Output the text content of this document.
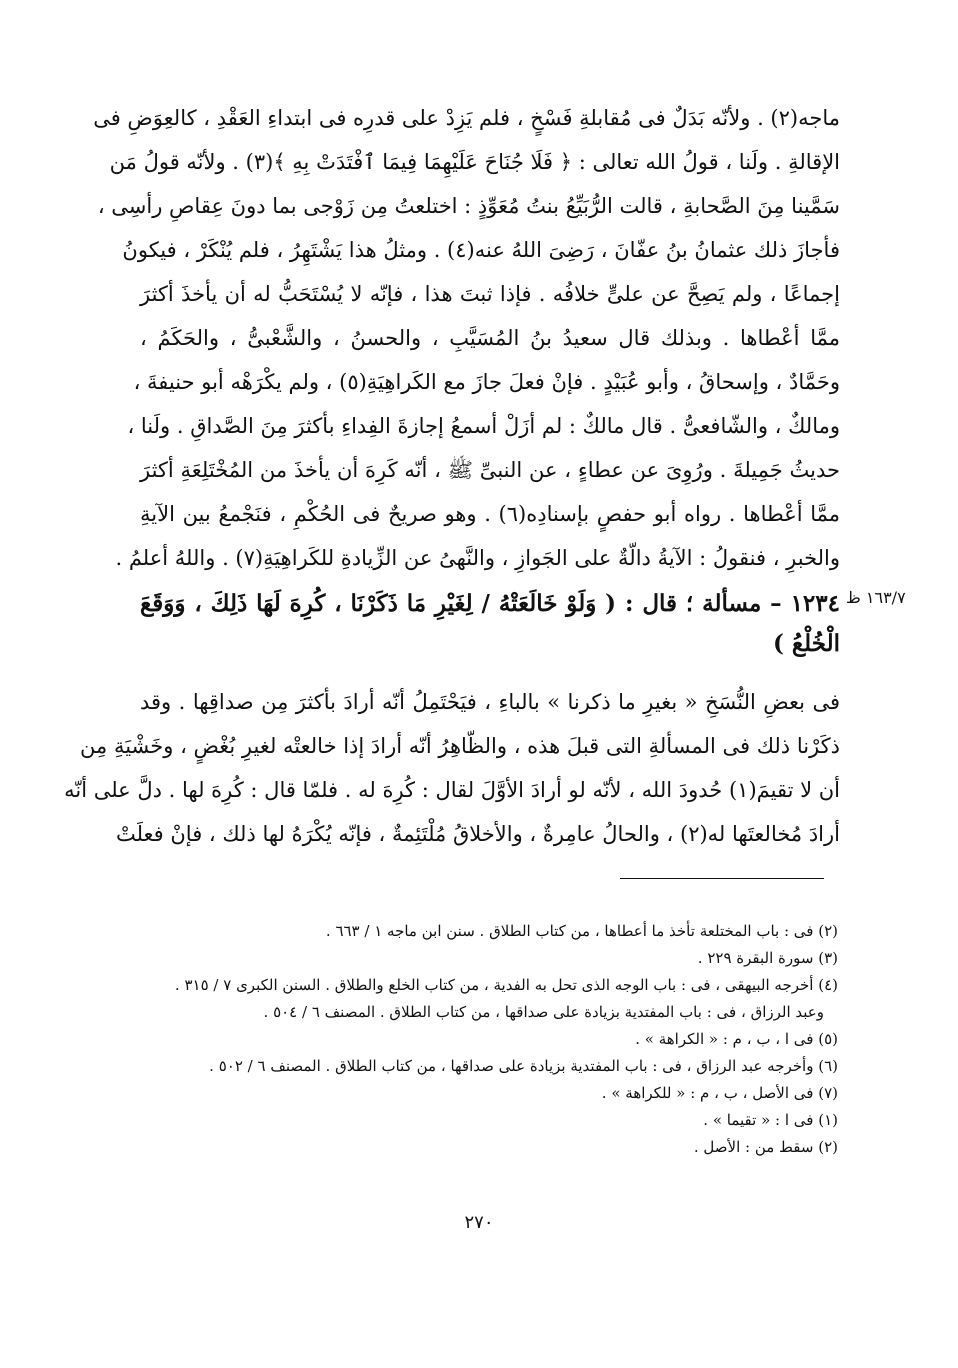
ماجه(٢) . ولأنّه بَدَلٌ فى مُقابلةِ فَسْخٍ ، فلم يَزِدْ على قدرِه فى ابتداءِ العَقْدِ ، كالعِوَضِ فى
الإقالةِ . ولَنا ، قولُ الله تعالى : ﴿ فَلَا جُنَاحَ عَلَيْهِمَا فِيمَا ٱفْتَدَتْ بِهِ ﴾(٣) . ولأنّه قولُ مَن
سَمَّينا مِنَ الصَّحابةِ ، قالت الرُّبَيِّعُ بنتُ مُعَوِّذٍ : اختلعتُ مِن زَوْجى بما دونَ عِقاصِ رأسِى ،
فأجازَ ذلك عثمانُ بنُ عفّانَ ، رَضِىَ اللهُ عنه(٤) . ومثلُ هذا يَشْتَهِرُ ، فلم يُنْكَرْ ، فيكونُ
إجماعًا ، ولم يَصِحَّ عن علىٍّ خلافُه . فإذا ثبتَ هذا ، فإنّه لا يُسْتَحَبُّ له أن يأخذَ أكثرَ
ممَّا أعْطاها . وبذلك قال سعيدُ بنُ المُسَيَّبِ ، والحسنُ ، والشَّعْبىُّ ، والحَكَمُ ،
وحَمَّادٌ ، وإسحاقُ ، وأبو عُبَيْدٍ . فإنْ فعلَ جازَ مع الكَراهِيَةِ(٥) ، ولم يكْرَهْه أبو حنيفةَ ،
ومالكٌ ، والشّافعىُّ . قال مالكٌ : لم أزَلْ أسمعُ إجازةَ الفِداءِ بأكثرَ مِنَ الصَّداقِ . ولَنا ،
حديثُ جَمِيلةَ . ورُوِىَ عن عطاءٍ ، عن النبىِّ ﷺ ، أنّه كَرِهَ أن يأخذَ من المُخْتَلِعَةِ أكثرَ
ممَّا أعْطاها . رواه أبو حفصٍ بإسنادِه(٦) . وهو صريحٌ فى الحُكْمِ ، فنَجْمعُ بين الآيةِ
والخبرِ ، فنقولُ : الآيةُ دالّةٌ على الجَوازِ ، والنَّهىُ عن الزِّيادةِ للكَراهِيَةِ(٧) . واللهُ أعلمُ .
١٦٣/٧ ظ
١٢٣٤ – مسألة ؛ قال : ( وَلَوْ خَالَعَتْهُ / لِغَيْرِ مَا ذَكَرْنَا ، كُرِهَ لَهَا ذَلِكَ ، وَوَقَعَ
الْخُلْعُ )
فى بعضِ النُّسَخِ « بغيرِ ما ذكرنا » بالباءِ ، فيَحْتَمِلُ أنّه أرادَ بأكثرَ مِن صداقِها . وقد
ذكَرْنا ذلك فى المسألةِ التى قبلَ هذه ، والظّاهِرُ أنّه أرادَ إذا خالعتْه لغيرِ بُغْضٍ ، وخَشْيَةِ مِن
أن لا تقيمَ(١) حُدودَ الله ، لأنّه لو أرادَ الأوَّلَ لقال : كُرِهَ له . فلمّا قال : كُرِهَ لها . دلَّ على أنّه
أرادَ مُخالعتَها له(٢) ، والحالُ عامِرةٌ ، والأخلاقُ مُلْتَئِمةٌ ، فإنّه يُكْرَهُ لها ذلك ، فإنْ فعلَتْ
(٢) فى : باب المختلعة تأخذ ما أعطاها ، من كتاب الطلاق . سنن ابن ماجه ١ / ٦٦٣ .
(٣) سورة البقرة ٢٢٩ .
(٤) أخرجه البيهقى ، فى : باب الوجه الذى تحل به الفدية ، من كتاب الخلع والطلاق . السنن الكبرى ٧ / ٣١٥ .
وعبد الرزاق ، فى : باب المفتدية بزيادة على صداقها ، من كتاب الطلاق . المصنف ٦ / ٥٠٤ .
(٥) فى ا ، ب ، م : « الكراهة » .
(٦) وأخرجه عبد الرزاق ، فى : باب المفتدية بزيادة على صداقها ، من كتاب الطلاق . المصنف ٦ / ٥٠٢ .
(٧) فى الأصل ، ب ، م : « للكراهة » .
(١) فى ا : « تقيما » .
(٢) سقط من : الأصل .
٢٧٠
